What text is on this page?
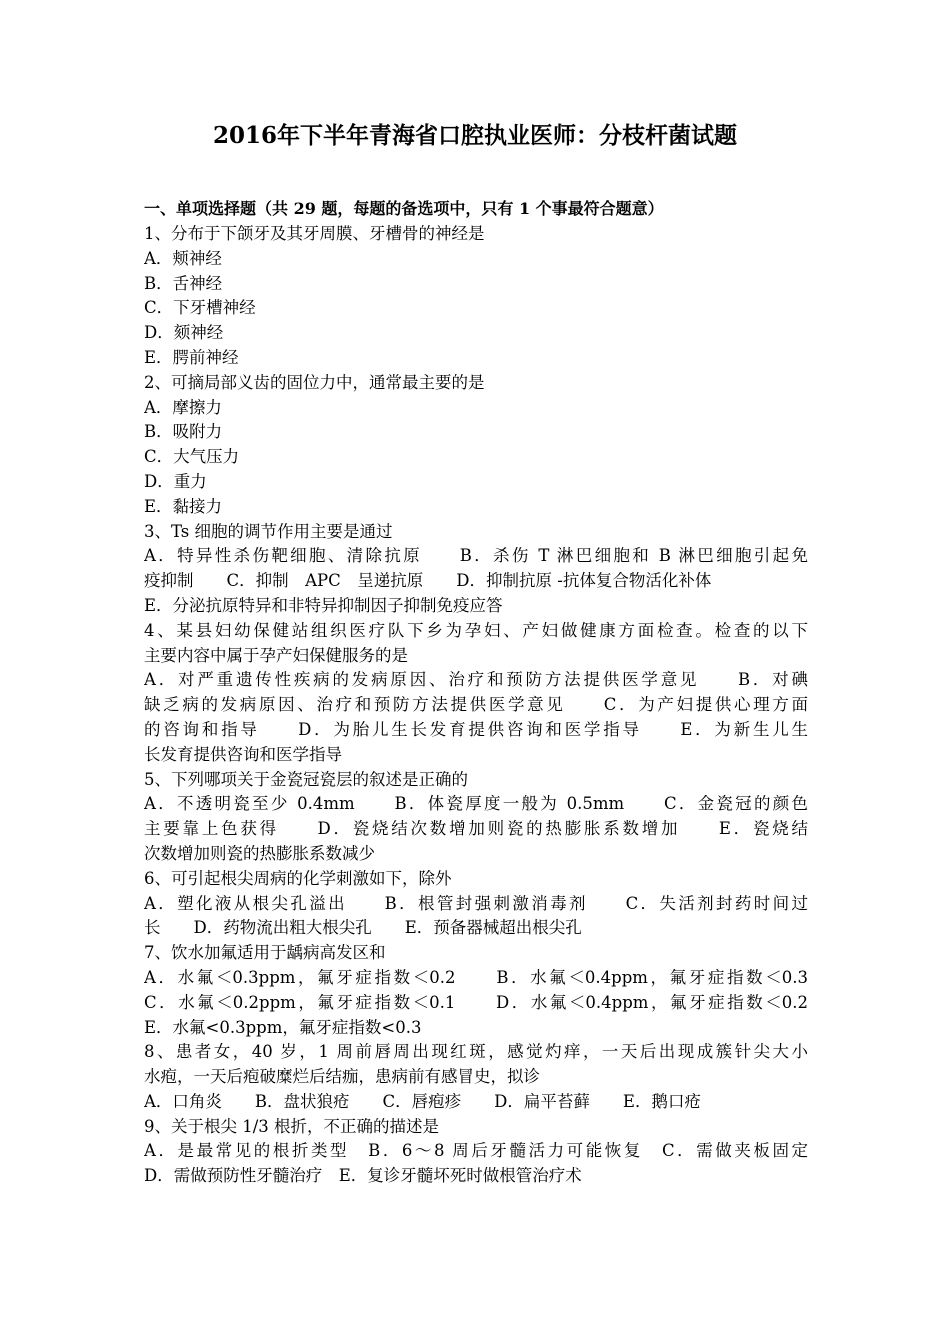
2016年下半年青海省口腔执业医师：分枝杆菌试题
一、单项选择题（共 29 题，每题的备选项中，只有 1 个事最符合题意）
1、分布于下颌牙及其牙周膜、牙槽骨的神经是
A．颊神经
B．舌神经
C．下牙槽神经
D．颏神经
E．腭前神经
2、可摘局部义齿的固位力中，通常最主要的是
A．摩擦力
B．吸附力
C．大气压力
D．重力
E．黏接力
3、Ts 细胞的调节作用主要是通过
A．特异性杀伤靶细胞、清除抗原　　B．杀伤 T 淋巴细胞和 B 淋巴细胞引起免
疫抑制　　C．抑制　APC　呈递抗原　　D．抑制抗原 -抗体复合物活化补体
E．分泌抗原特异和非特异抑制因子抑制免疫应答
4、某县妇幼保健站组织医疗队下乡为孕妇、产妇做健康方面检查。检查的以下
主要内容中属于孕产妇保健服务的是
A．对严重遗传性疾病的发病原因、治疗和预防方法提供医学意见　　B．对碘
缺乏病的发病原因、治疗和预防方法提供医学意见　　C．为产妇提供心理方面
的咨询和指导　　D．为胎儿生长发育提供咨询和医学指导　　E．为新生儿生
长发育提供咨询和医学指导
5、下列哪项关于金瓷冠瓷层的叙述是正确的
A．不透明瓷至少 0.4mm　　B．体瓷厚度一般为 0.5mm　　C．金瓷冠的颜色
主要靠上色获得　　D．瓷烧结次数增加则瓷的热膨胀系数增加　　E．瓷烧结
次数增加则瓷的热膨胀系数减少
6、可引起根尖周病的化学刺激如下，除外
A．塑化液从根尖孔溢出　　B．根管封强刺激消毒剂　　C．失活剂封药时间过
长　　D．药物流出粗大根尖孔　　E．预备器械超出根尖孔
7、饮水加氟适用于龋病高发区和
A．水氟＜0.3ppm，氟牙症指数＜0.2　　B．水氟＜0.4ppm，氟牙症指数＜0.3
C．水氟＜0.2ppm，氟牙症指数＜0.1　　D．水氟＜0.4ppm，氟牙症指数＜0.2
E．水氟<0.3ppm，氟牙症指数<0.3
8、患者女，40 岁，1 周前唇周出现红斑，感觉灼痒，一天后出现成簇针尖大小
水疱，一天后疱破糜烂后结痂，患病前有感冒史，拟诊
A．口角炎　　B．盘状狼疮　　C．唇疱疹　　D．扁平苔藓　　E．鹅口疮
9、关于根尖 1/3 根折，不正确的描述是
A．是最常见的根折类型　B．6～8 周后牙髓活力可能恢复　C．需做夹板固定
D．需做预防性牙髓治疗　E．复诊牙髓坏死时做根管治疗术
